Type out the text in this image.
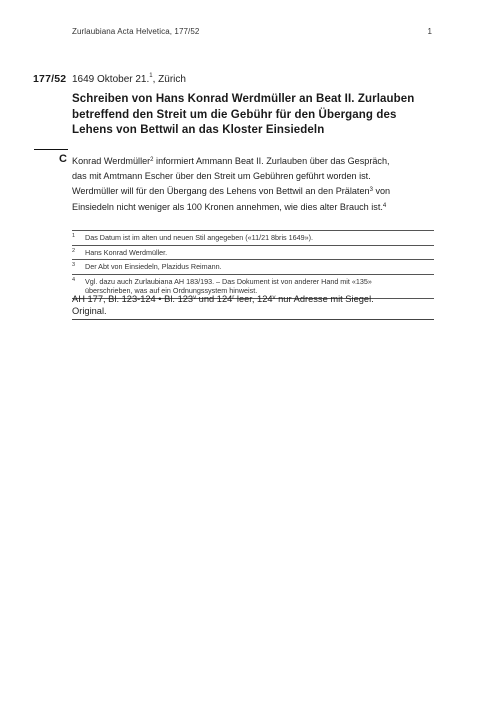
Zurlaubiana Acta Helvetica, 177/52	1
177/52 1649 Oktober 21.$^1$, Zürich
Schreiben von Hans Konrad Werdmüller an Beat II. Zurlauben
betreffend den Streit um die Gebühr für den Übergang des
Lehens von Bettwil an das Kloster Einsiedeln
C Konrad Werdmüller$^2$ informiert Ammann Beat II. Zurlauben über das Gespräch,
das mit Amtmann Escher über den Streit um Gebühren geführt worden ist.
Werdmüller will für den Übergang des Lehens von Bettwil an den Prälaten$^3$ von
Einsiedeln nicht weniger als 100 Kronen annehmen, wie dies alter Brauch ist.$^4$
1 Das Datum ist im alten und neuen Stil angegeben («11/21 8bris 1649»).
2 Hans Konrad Werdmüller.
3 Der Abt von Einsiedeln, Plazidus Reimann.
4 Vgl. dazu auch Zurlaubiana AH 183/193. – Das Dokument ist von anderer Hand mit «135»
überschrieben, was auf ein Ordnungssystem hinweist.
AH 177, Bl. 123-124 • Bl. 123$^v$ und 124$^r$ leer, 124$^v$ nur Adresse mit Siegel.
Original.
